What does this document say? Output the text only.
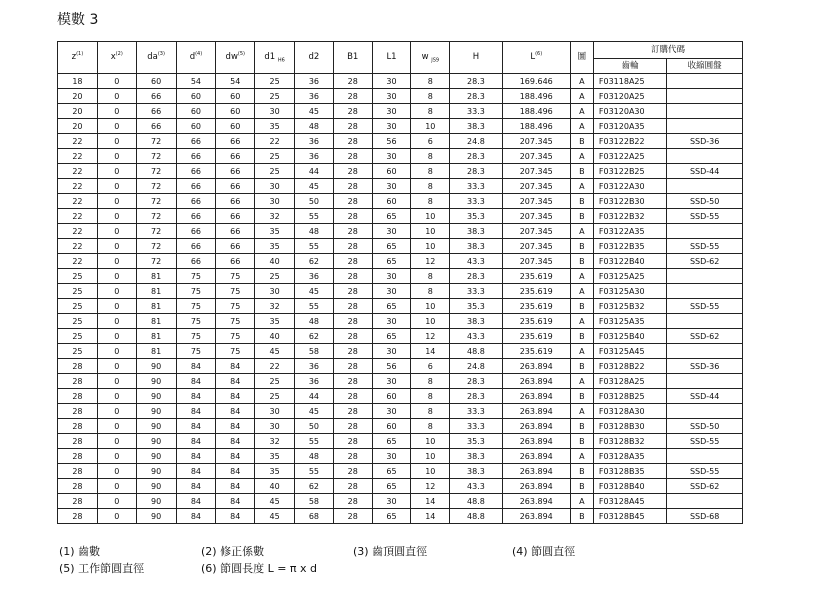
模數 3
$z^{(1)}$	$x^{(2)}$	$da^{(3)}$	$d^{(4)}$	$dw^{(5)}$	d1 $_{H6}$	d2	B1	L1	w $_{JS9}$	H	$L^{(6)}$	圖	訂購代碼	
													齒輪	收縮圓盤
18	0	60	54	54	25	36	28	30	8	28.3	169.646	A	F03118A25	
20	0	66	60	60	25	36	28	30	8	28.3	188.496	A	F03120A25	
20	0	66	60	60	30	45	28	30	8	33.3	188.496	A	F03120A30	
20	0	66	60	60	35	48	28	30	10	38.3	188.496	A	F03120A35	
22	0	72	66	66	22	36	28	56	6	24.8	207.345	B	F03122B22	SSD-36
22	0	72	66	66	25	36	28	30	8	28.3	207.345	A	F03122A25	
22	0	72	66	66	25	44	28	60	8	28.3	207.345	B	F03122B25	SSD-44
22	0	72	66	66	30	45	28	30	8	33.3	207.345	A	F03122A30	
22	0	72	66	66	30	50	28	60	8	33.3	207.345	B	F03122B30	SSD-50
22	0	72	66	66	32	55	28	65	10	35.3	207.345	B	F03122B32	SSD-55
22	0	72	66	66	35	48	28	30	10	38.3	207.345	A	F03122A35	
22	0	72	66	66	35	55	28	65	10	38.3	207.345	B	F03122B35	SSD-55
22	0	72	66	66	40	62	28	65	12	43.3	207.345	B	F03122B40	SSD-62
25	0	81	75	75	25	36	28	30	8	28.3	235.619	A	F03125A25	
25	0	81	75	75	30	45	28	30	8	33.3	235.619	A	F03125A30	
25	0	81	75	75	32	55	28	65	10	35.3	235.619	B	F03125B32	SSD-55
25	0	81	75	75	35	48	28	30	10	38.3	235.619	A	F03125A35	
25	0	81	75	75	40	62	28	65	12	43.3	235.619	B	F03125B40	SSD-62
25	0	81	75	75	45	58	28	30	14	48.8	235.619	A	F03125A45	
28	0	90	84	84	22	36	28	56	6	24.8	263.894	B	F03128B22	SSD-36
28	0	90	84	84	25	36	28	30	8	28.3	263.894	A	F03128A25	
28	0	90	84	84	25	44	28	60	8	28.3	263.894	B	F03128B25	SSD-44
28	0	90	84	84	30	45	28	30	8	33.3	263.894	A	F03128A30	
28	0	90	84	84	30	50	28	60	8	33.3	263.894	B	F03128B30	SSD-50
28	0	90	84	84	32	55	28	65	10	35.3	263.894	B	F03128B32	SSD-55
28	0	90	84	84	35	48	28	30	10	38.3	263.894	A	F03128A35	
28	0	90	84	84	35	55	28	65	10	38.3	263.894	B	F03128B35	SSD-55
28	0	90	84	84	40	62	28	65	12	43.3	263.894	B	F03128B40	SSD-62
28	0	90	84	84	45	58	28	30	14	48.8	263.894	A	F03128A45	
28	0	90	84	84	45	68	28	65	14	48.8	263.894	B	F03128B45	SSD-68
(1) 齒數	(2) 修正係數	(3) 齒頂圓直徑	(4) 節圓直徑
(5) 工作節圓直徑	(6) 節圓長度 L = π x d
